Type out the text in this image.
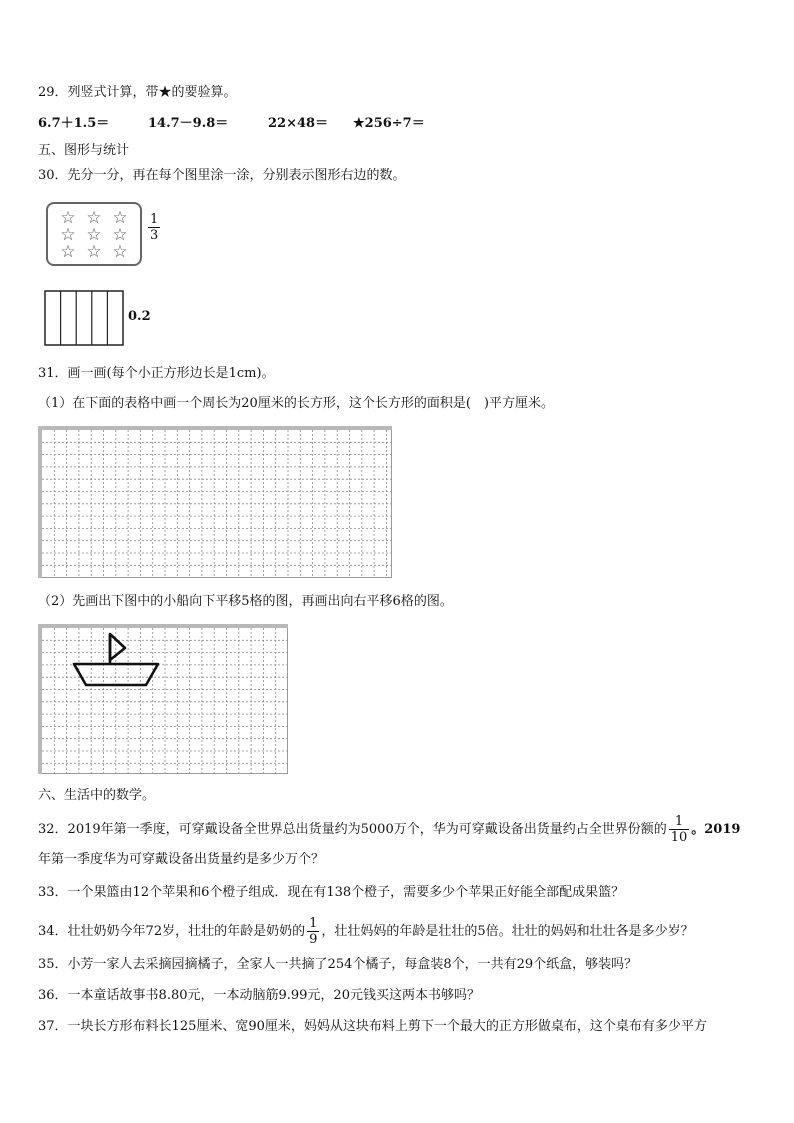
29．列竖式计算，带★的要验算。
6.7＋1.5＝	14.7－9.8＝	22×48＝ ★256÷7＝
五、图形与统计
30．先分一分，再在每个图里涂一涂，分别表示图形右边的数。
☆ ☆ ☆
☆ ☆ ☆
☆ ☆ ☆
$\frac{1}{3}$
0.2
31．画一画(每个小正方形边长是1cm)。
（1）在下面的表格中画一个周长为20厘米的长方形，这个长方形的面积是(　)平方厘米。
（2）先画出下图中的小船向下平移5格的图，再画出向右平移6格的图。
六、生活中的数学。
32．2019年第一季度，可穿戴设备全世界总出货量约为5000万个，华为可穿戴设备出货量约占全世界份额的 $\frac{1}{10}$ 。2019
年第一季度华为可穿戴设备出货量约是多少万个？
33．一个果篮由12个苹果和6个橙子组成．现在有138个橙子，需要多少个苹果正好能全部配成果篮？
34．壮壮奶奶今年72岁，壮壮的年龄是奶奶的 $\frac{1}{9}$ ，壮壮妈妈的年龄是壮壮的5倍。壮壮的妈妈和壮壮各是多少岁？
35．小芳一家人去采摘园摘橘子，全家人一共摘了254个橘子，每盒装8个，一共有29个纸盒，够装吗？
36．一本童话故事书8.80元，一本动脑筋9.99元，20元钱买这两本书够吗？
37．一块长方形布料长125厘米、宽90厘米，妈妈从这块布料上剪下一个最大的正方形做桌布，这个桌布有多少平方
